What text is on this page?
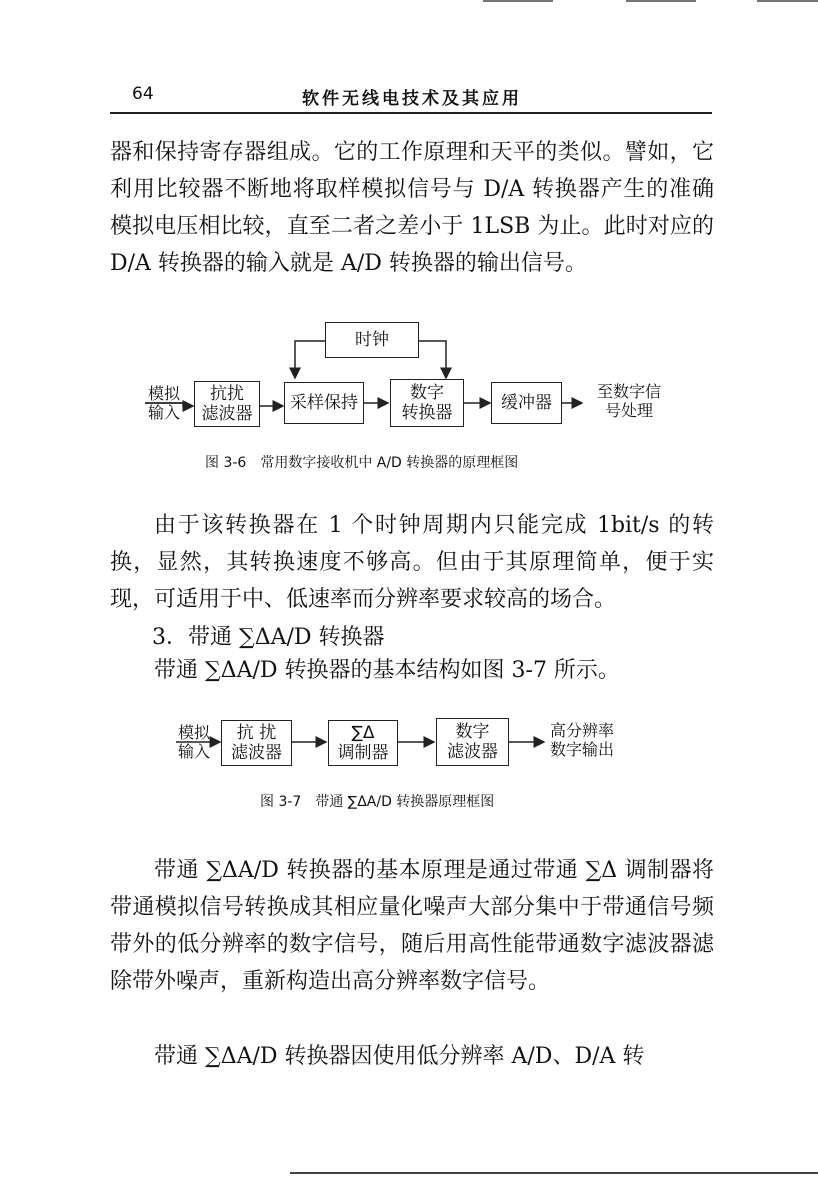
64	软件无线电技术及其应用
器和保持寄存器组成。它的工作原理和天平的类似。譬如，它利用比较器不断地将取样模拟信号与 D/A 转换器产生的准确模拟电压相比较，直至二者之差小于 1LSB 为止。此时对应的 D/A 转换器的输入就是 A/D 转换器的输出信号。
时钟
模拟
输入
抗扰
滤波器
采样保持	数字
转换器	缓冲器
至数字信
号处理
图 3-6　常用数字接收机中 A/D 转换器的原理框图
由于该转换器在 1 个时钟周期内只能完成 1bit/s 的转换，显然，其转换速度不够高。但由于其原理简单，便于实现，可适用于中、低速率而分辨率要求较高的场合。
3．带通 ∑ΔA/D 转换器
带通 ∑ΔA/D 转换器的基本结构如图 3-7 所示。
模拟
输入
抗 扰
滤波器
∑Δ
调制器
数字
滤波器
高分辨率
数字输出
图 3-7　带通 ∑ΔA/D 转换器原理框图
带通 ∑ΔA/D 转换器的基本原理是通过带通 ∑Δ 调制器将带通模拟信号转换成其相应量化噪声大部分集中于带通信号频带外的低分辨率的数字信号，随后用高性能带通数字滤波器滤除带外噪声，重新构造出高分辨率数字信号。
带通 ∑ΔA/D 转换器因使用低分辨率 A/D、D/A 转
